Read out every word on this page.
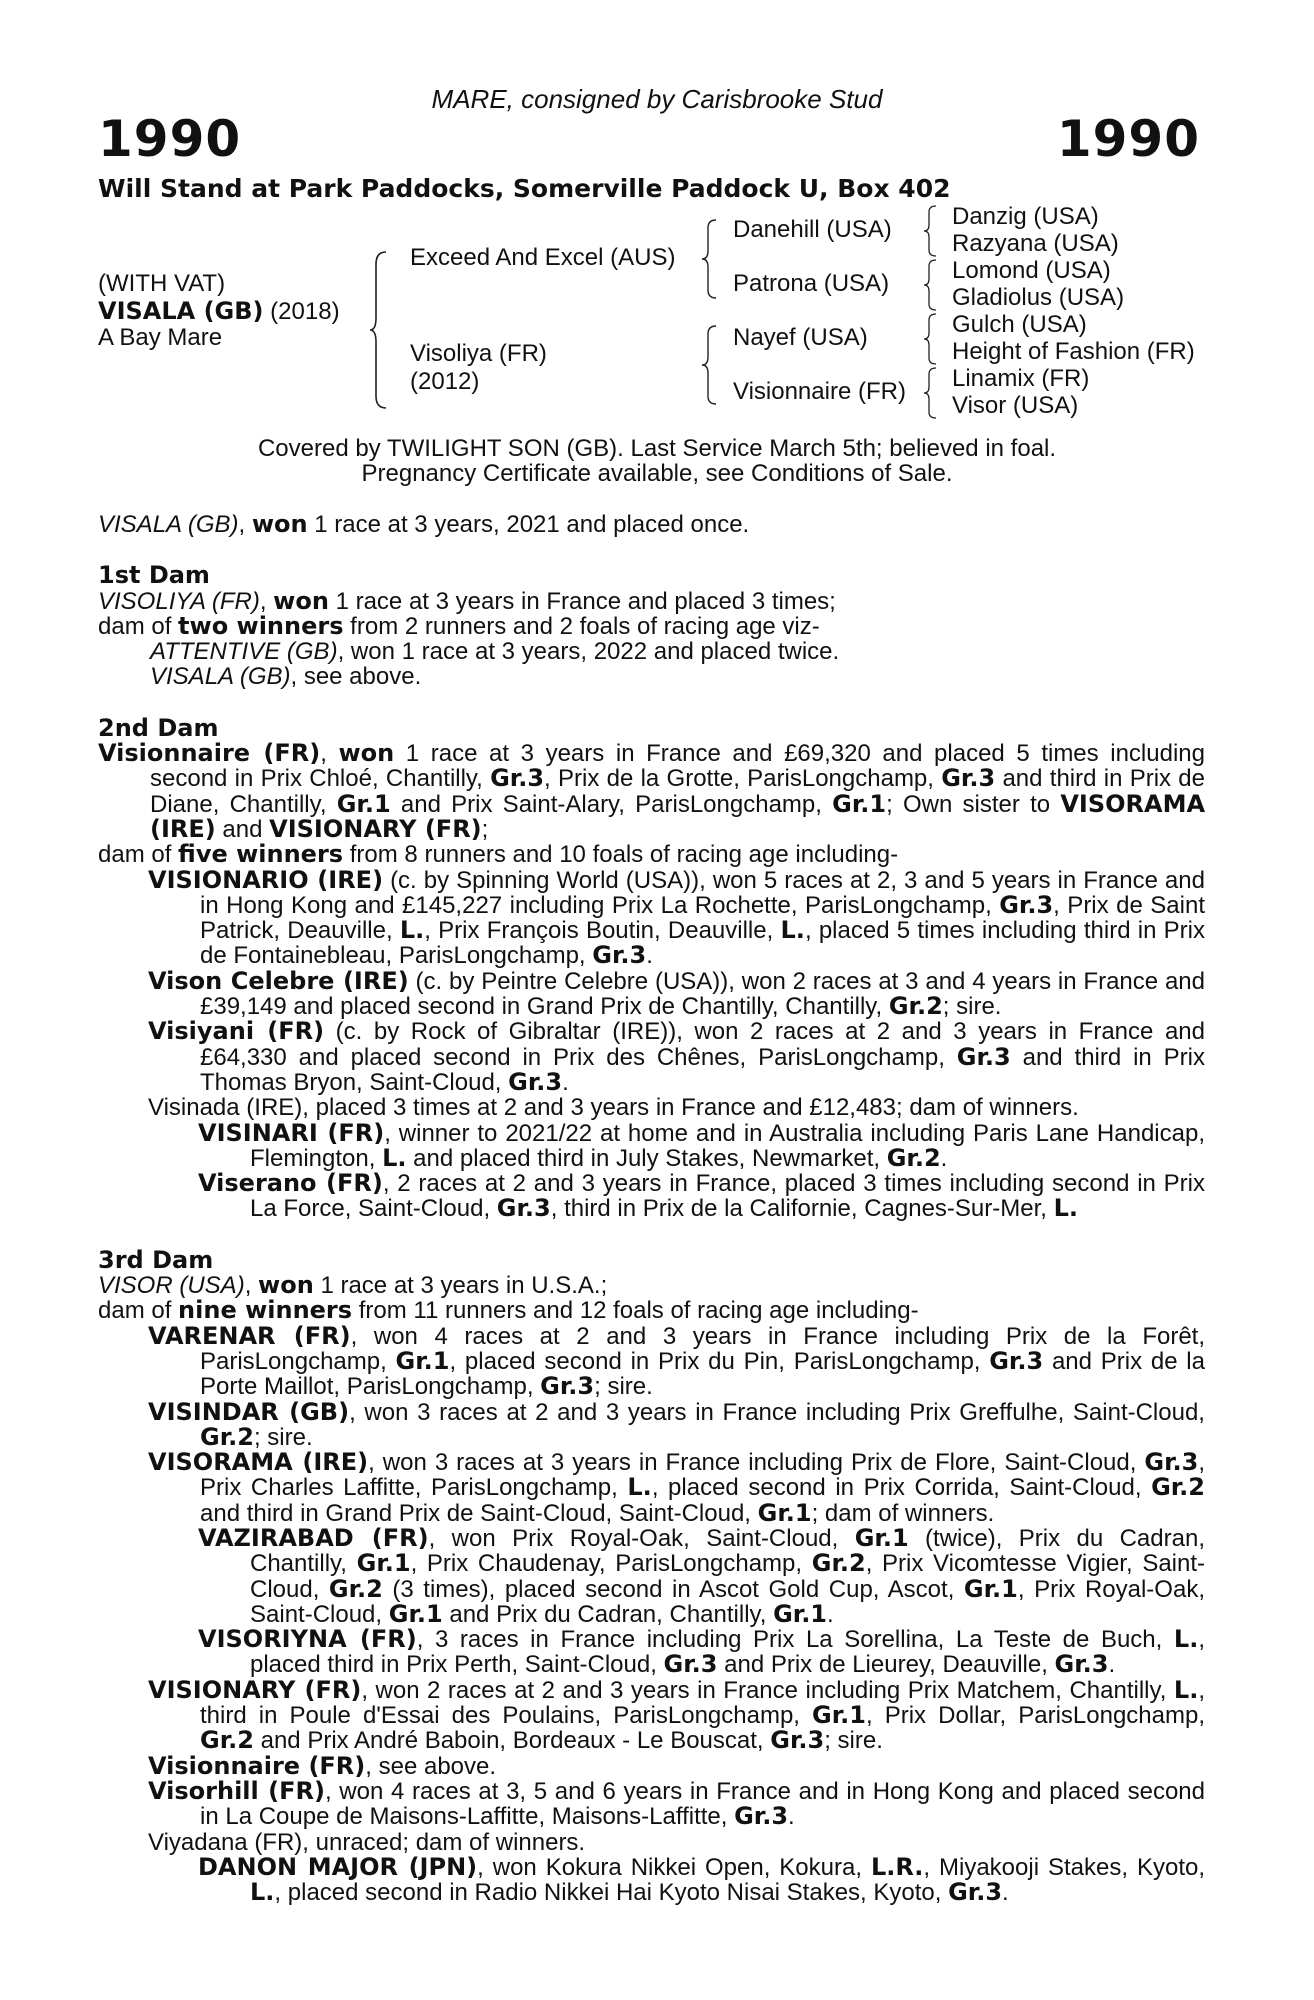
MARE, consigned by Carisbrooke Stud
1990	1990
Will Stand at Park Paddocks, Somerville Paddock U, Box 402
(WITH VAT)
VISALA (GB) (2018)
A Bay Mare
Exceed And Excel (AUS)
Visoliya (FR)
(2012)
Danehill (USA)
Patrona (USA)
Nayef (USA)
Visionnaire (FR)
Danzig (USA)
Razyana (USA)
Lomond (USA)
Gladiolus (USA)
Gulch (USA)
Height of Fashion (FR)
Linamix (FR)
Visor (USA)
Covered by TWILIGHT SON (GB). Last Service March 5th; believed in foal.
Pregnancy Certificate available, see Conditions of Sale.

VISALA (GB), won 1 race at 3 years, 2021 and placed once.

1st Dam

VISOLIYA (FR), won 1 race at 3 years in France and placed 3 times;

dam of two winners from 2 runners and 2 foals of racing age viz-

ATTENTIVE (GB), won 1 race at 3 years, 2022 and placed twice.

VISALA (GB), see above.

2nd Dam

Visionnaire (FR), won 1 race at 3 years in France and £69,320 and placed 5 times including second in Prix Chloé, Chantilly, Gr.3, Prix de la Grotte, ParisLongchamp, Gr.3 and third in Prix de Diane, Chantilly, Gr.1 and Prix Saint-Alary, ParisLongchamp, Gr.1; Own sister to VISORAMA (IRE) and VISIONARY (FR);

dam of five winners from 8 runners and 10 foals of racing age including-

VISIONARIO (IRE) (c. by Spinning World (USA)), won 5 races at 2, 3 and 5 years in France and in Hong Kong and £145,227 including Prix La Rochette, ParisLongchamp, Gr.3, Prix de Saint Patrick, Deauville, L., Prix François Boutin, Deauville, L., placed 5 times including third in Prix de Fontainebleau, ParisLongchamp, Gr.3.

Vison Celebre (IRE) (c. by Peintre Celebre (USA)), won 2 races at 3 and 4 years in France and £39,149 and placed second in Grand Prix de Chantilly, Chantilly, Gr.2; sire.

Visiyani (FR) (c. by Rock of Gibraltar (IRE)), won 2 races at 2 and 3 years in France and £64,330 and placed second in Prix des Chênes, ParisLongchamp, Gr.3 and third in Prix Thomas Bryon, Saint-Cloud, Gr.3.

Visinada (IRE), placed 3 times at 2 and 3 years in France and £12,483; dam of winners.

VISINARI (FR), winner to 2021/22 at home and in Australia including Paris Lane Handicap, Flemington, L. and placed third in July Stakes, Newmarket, Gr.2.

Viserano (FR), 2 races at 2 and 3 years in France, placed 3 times including second in Prix La Force, Saint-Cloud, Gr.3, third in Prix de la Californie, Cagnes-Sur-Mer, L.

3rd Dam

VISOR (USA), won 1 race at 3 years in U.S.A.;

dam of nine winners from 11 runners and 12 foals of racing age including-

VARENAR (FR), won 4 races at 2 and 3 years in France including Prix de la Forêt, ParisLongchamp, Gr.1, placed second in Prix du Pin, ParisLongchamp, Gr.3 and Prix de la Porte Maillot, ParisLongchamp, Gr.3; sire.

VISINDAR (GB), won 3 races at 2 and 3 years in France including Prix Greffulhe, Saint-Cloud, Gr.2; sire.

VISORAMA (IRE), won 3 races at 3 years in France including Prix de Flore, Saint-Cloud, Gr.3, Prix Charles Laffitte, ParisLongchamp, L., placed second in Prix Corrida, Saint-Cloud, Gr.2 and third in Grand Prix de Saint-Cloud, Saint-Cloud, Gr.1; dam of winners.

VAZIRABAD (FR), won Prix Royal-Oak, Saint-Cloud, Gr.1 (twice), Prix du Cadran, Chantilly, Gr.1, Prix Chaudenay, ParisLongchamp, Gr.2, Prix Vicomtesse Vigier, Saint-Cloud, Gr.2 (3 times), placed second in Ascot Gold Cup, Ascot, Gr.1, Prix Royal-Oak, Saint-Cloud, Gr.1 and Prix du Cadran, Chantilly, Gr.1.

VISORIYNA (FR), 3 races in France including Prix La Sorellina, La Teste de Buch, L., placed third in Prix Perth, Saint-Cloud, Gr.3 and Prix de Lieurey, Deauville, Gr.3.

VISIONARY (FR), won 2 races at 2 and 3 years in France including Prix Matchem, Chantilly, L., third in Poule d'Essai des Poulains, ParisLongchamp, Gr.1, Prix Dollar, ParisLongchamp, Gr.2 and Prix André Baboin, Bordeaux - Le Bouscat, Gr.3; sire.

Visionnaire (FR), see above.

Visorhill (FR), won 4 races at 3, 5 and 6 years in France and in Hong Kong and placed second in La Coupe de Maisons-Laffitte, Maisons-Laffitte, Gr.3.

Viyadana (FR), unraced; dam of winners.

DANON MAJOR (JPN), won Kokura Nikkei Open, Kokura, L.R., Miyakooji Stakes, Kyoto, L., placed second in Radio Nikkei Hai Kyoto Nisai Stakes, Kyoto, Gr.3.
